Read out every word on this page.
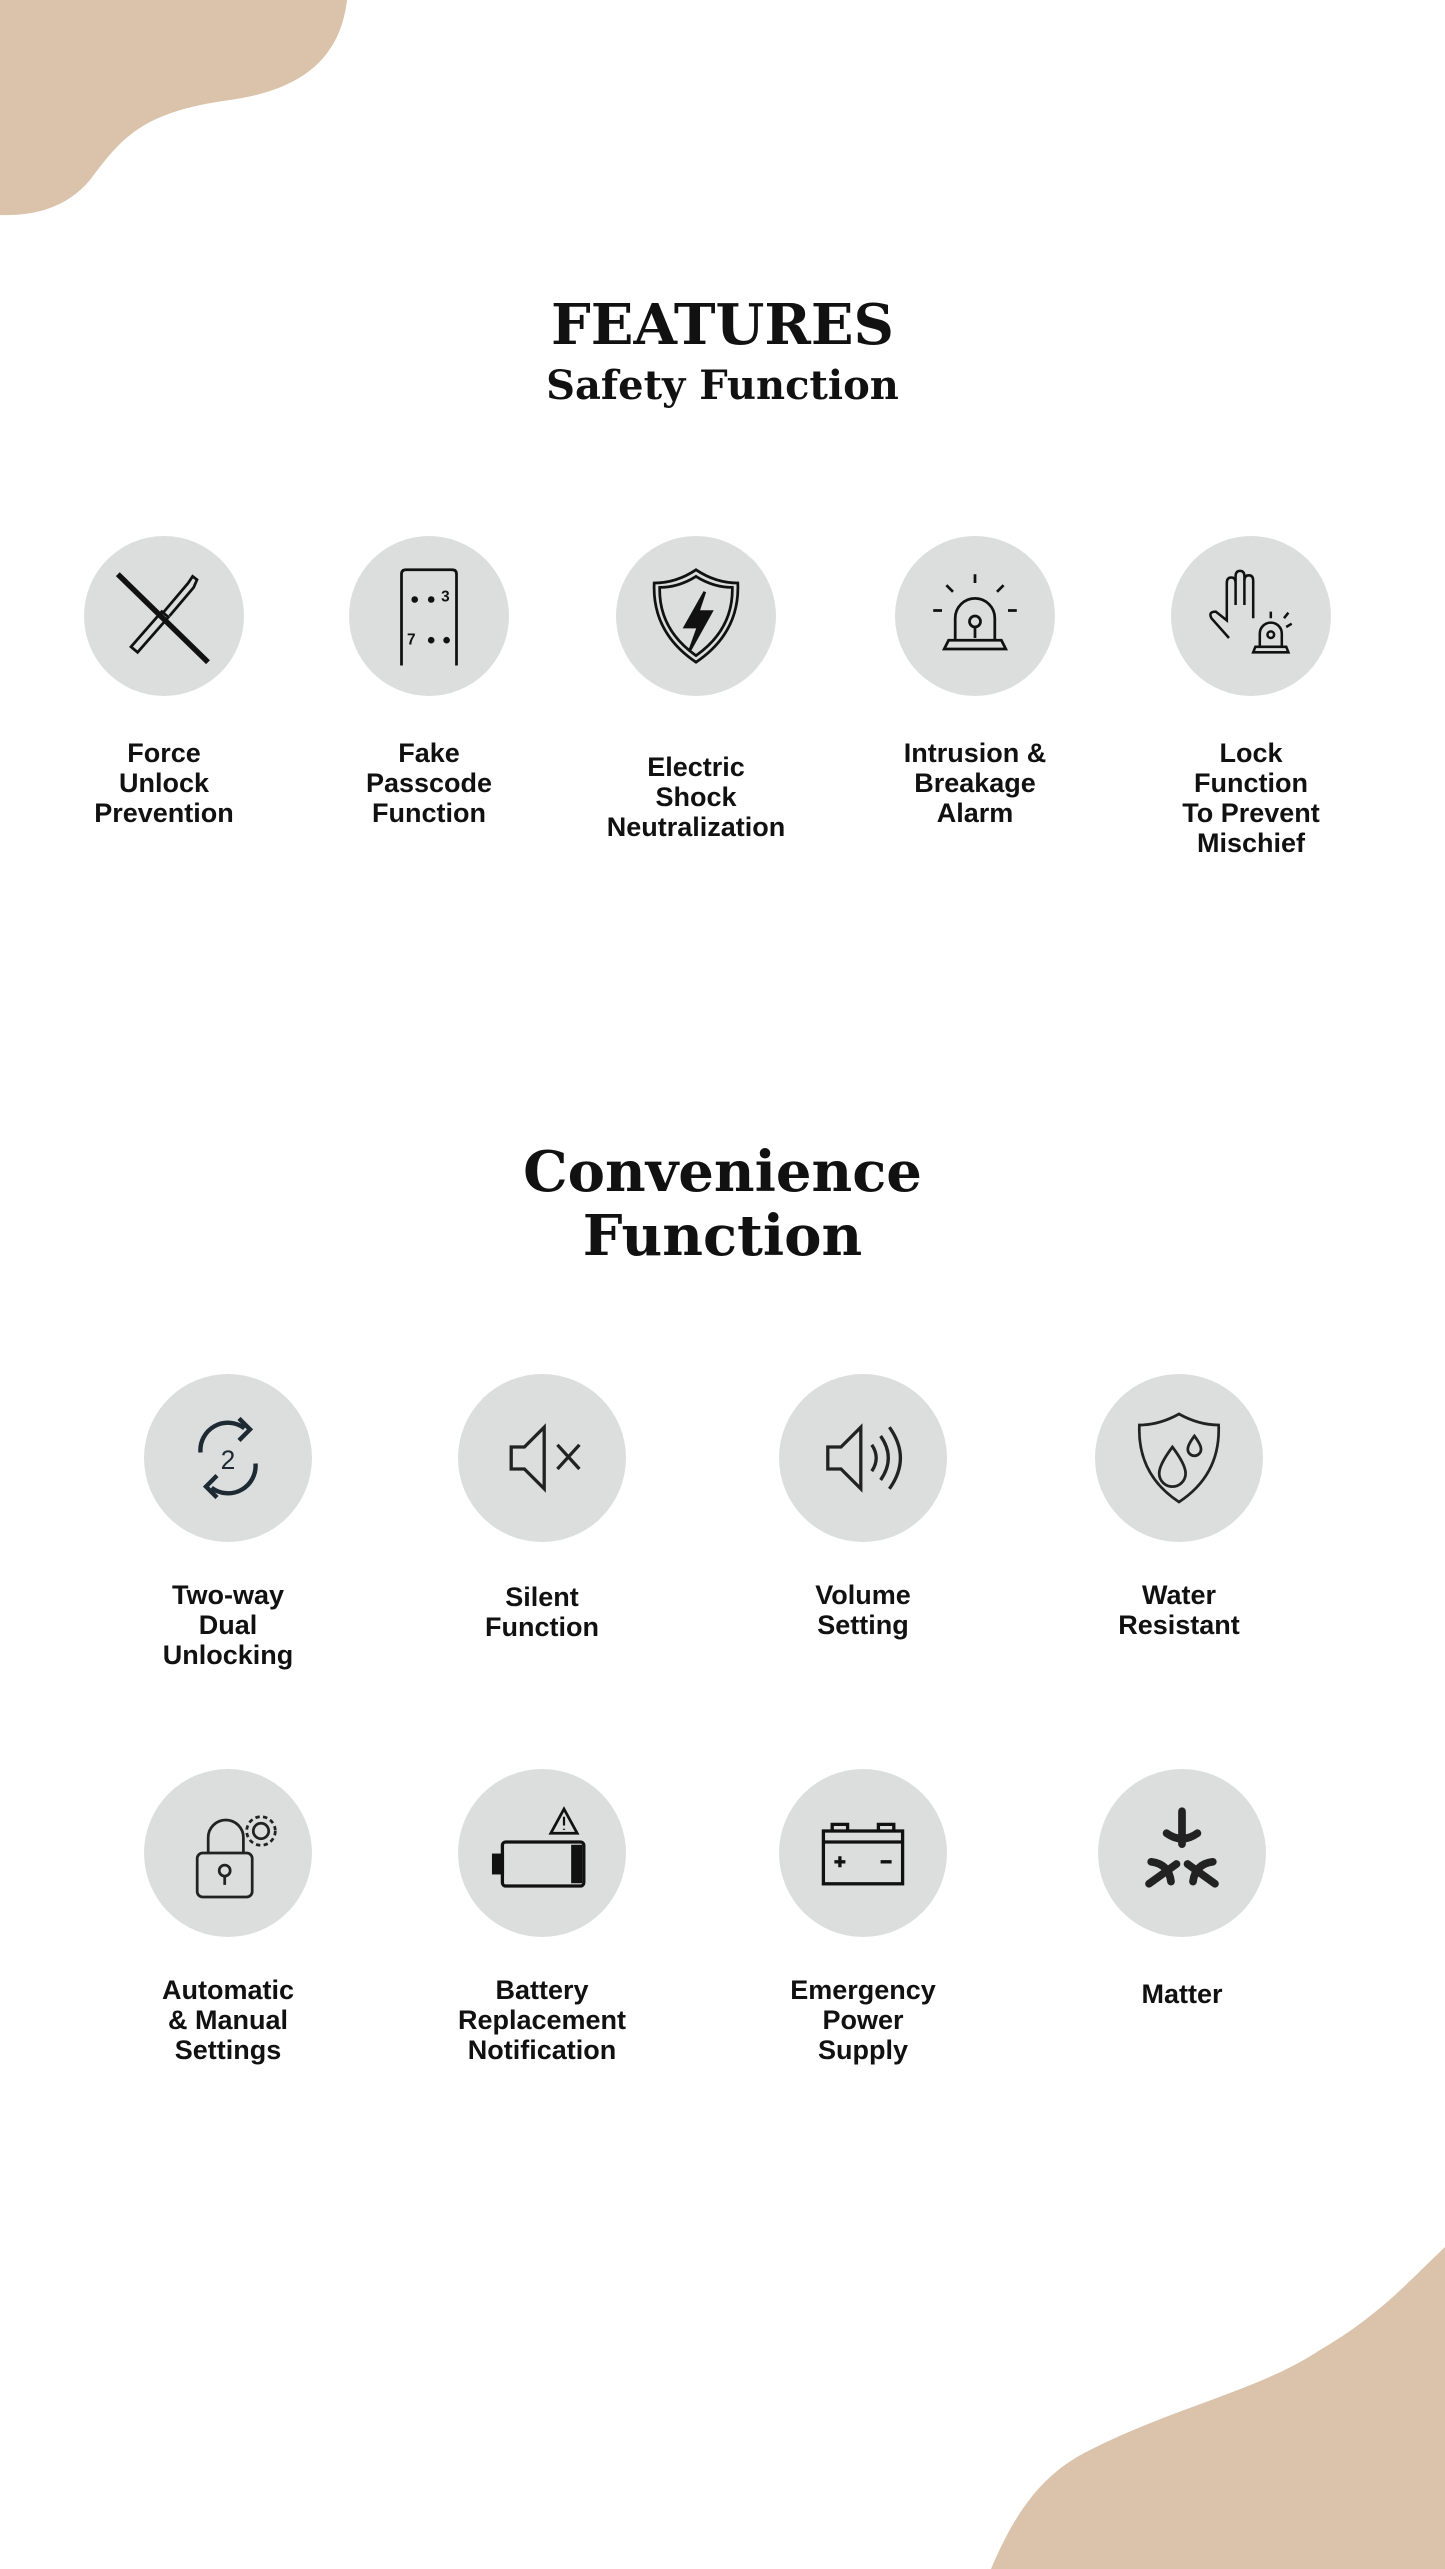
FEATURES
Safety Function
Force
Unlock
Prevention
3
7
Fake
Passcode
Function
Electric
Shock
Neutralization
Intrusion &
Breakage
Alarm
Lock
Function
To Prevent
Mischief
Convenience
Function
2
Two-way
Dual
Unlocking
Silent
Function
Volume
Setting
Water
Resistant
Automatic
& Manual
Settings
Battery
Replacement
Notification
Emergency
Power
Supply
Matter
